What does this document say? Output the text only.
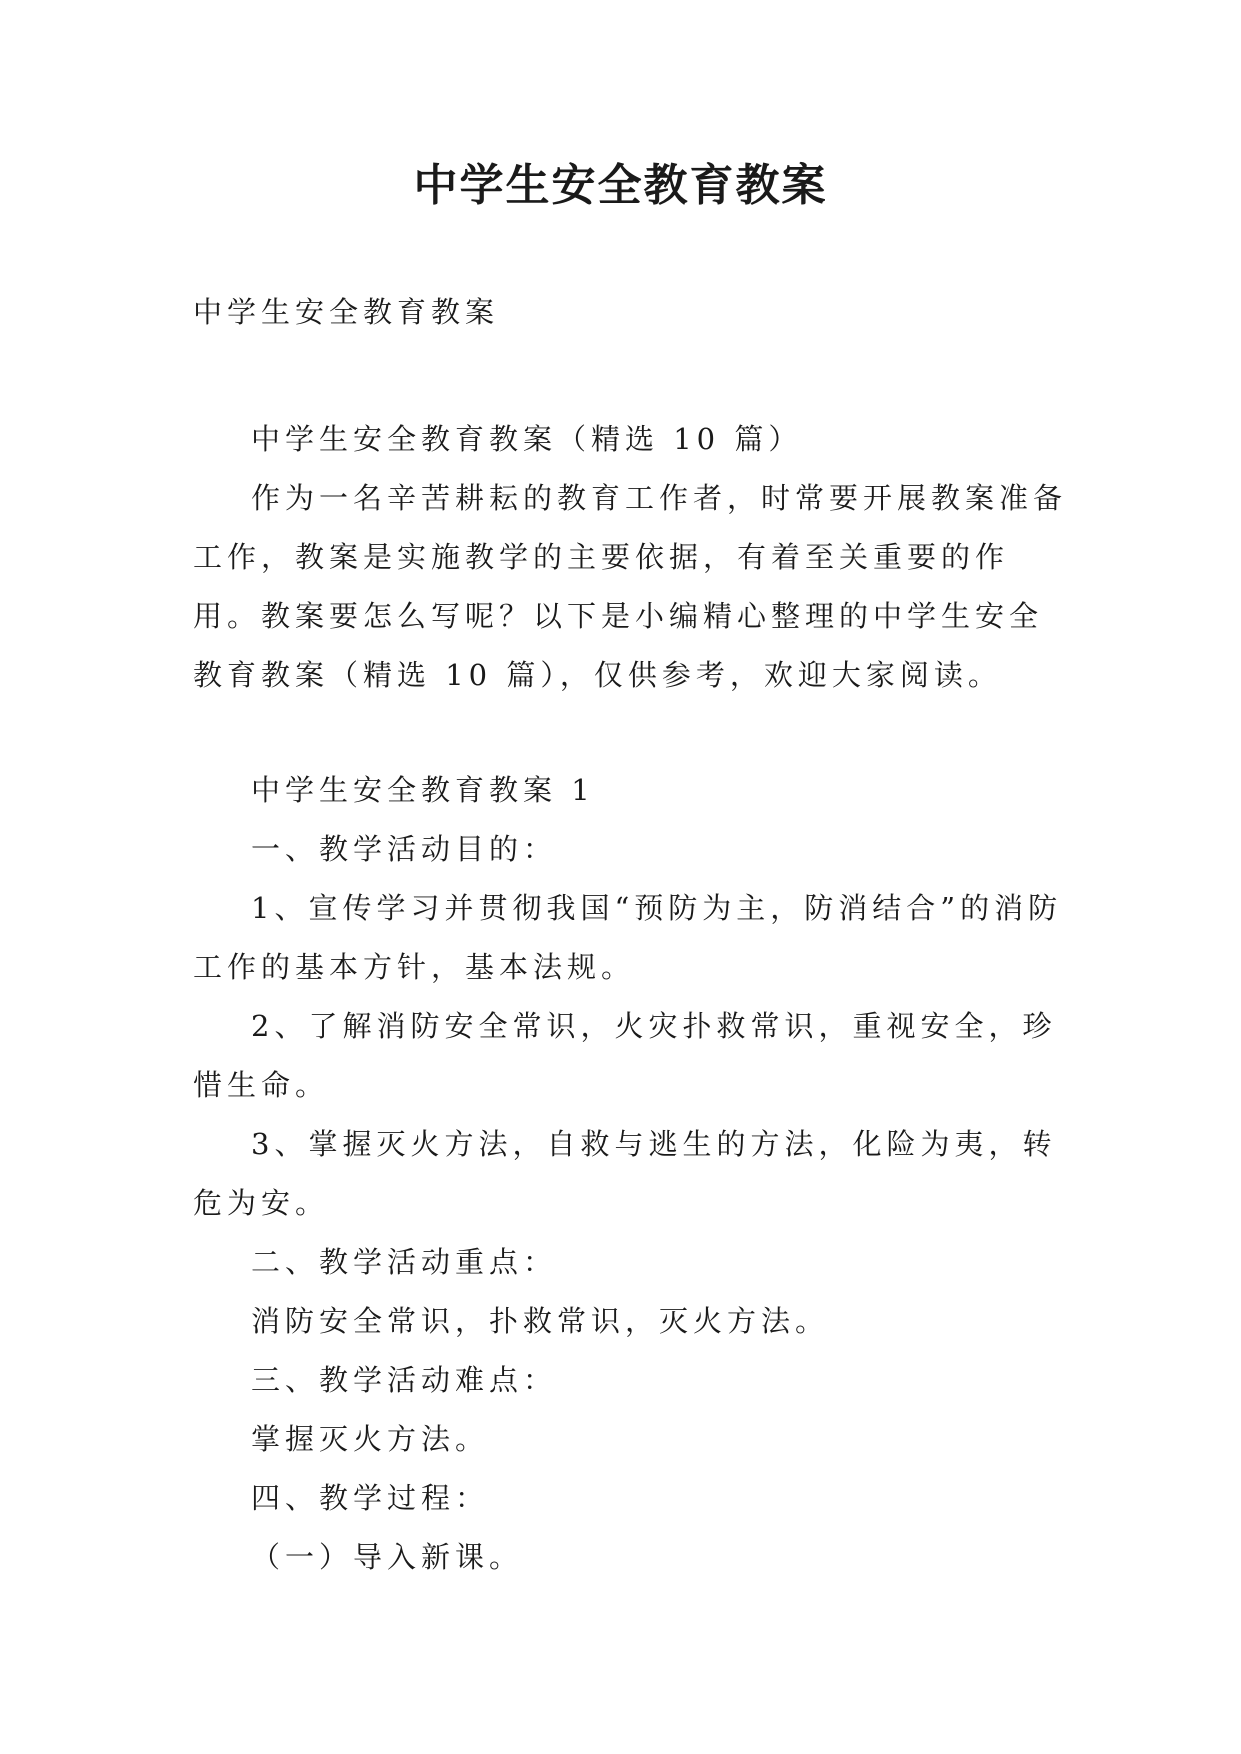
中学生安全教育教案
中学生安全教育教案

中学生安全教育教案（精选 10 篇）

作为一名辛苦耕耘的教育工作者，时常要开展教案准备工作，教案是实施教学的主要依据，有着至关重要的作用。教案要怎么写呢？以下是小编精心整理的中学生安全教育教案（精选 10 篇），仅供参考，欢迎大家阅读。

中学生安全教育教案 1

一、教学活动目的：

1、宣传学习并贯彻我国“预防为主，防消结合”的消防工作的基本方针，基本法规。

2、了解消防安全常识，火灾扑救常识，重视安全，珍惜生命。

3、掌握灭火方法，自救与逃生的方法，化险为夷，转危为安。

二、教学活动重点：

消防安全常识，扑救常识，灭火方法。

三、教学活动难点：

掌握灭火方法。

四、教学过程：

（一）导入新课。
